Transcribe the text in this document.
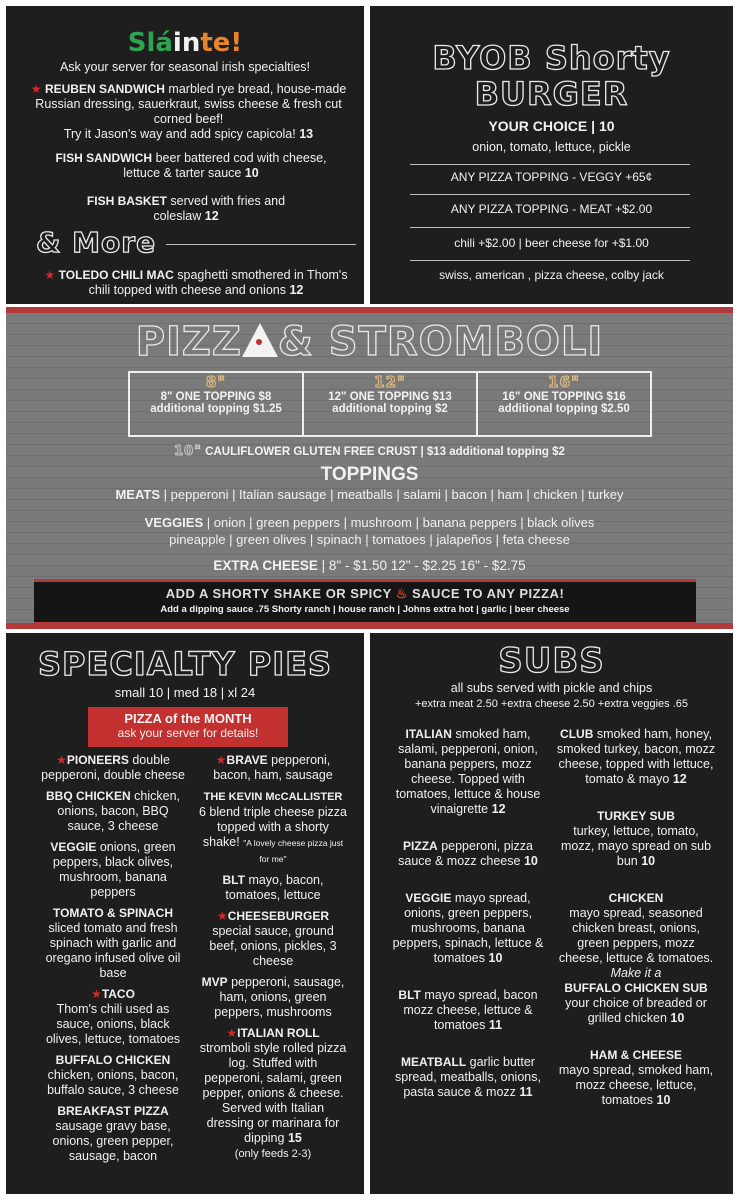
Sláinte!
Ask your server for seasonal irish specialties!
★ REUBEN SANDWICH marbled rye bread, house-made Russian dressing, sauerkraut, swiss cheese & fresh cut corned beef!
Try it Jason's way and add spicy capicola! 13
FISH SANDWICH beer battered cod with cheese, lettuce & tarter sauce 10
FISH BASKET served with fries and coleslaw 12
& More
★ TOLEDO CHILI MAC spaghetti smothered in Thom's chili topped with cheese and onions 12
BYOB Shorty
BURGER
YOUR CHOICE | 10
onion, tomato, lettuce, pickle
ANY PIZZA TOPPING - VEGGY +65¢
ANY PIZZA TOPPING - MEAT +$2.00
chili +$2.00 | beer cheese for +$1.00
swiss, american , pizza cheese, colby jack
PIZZ & STROMBOLI
8"
8" ONE TOPPING $8
additional topping $1.25
12"
12" ONE TOPPING $13
additional topping $2
16"
16" ONE TOPPING $16
additional topping $2.50
10" CAULIFLOWER GLUTEN FREE CRUST | $13 additional topping $2
TOPPINGS
MEATS | pepperoni | Italian sausage | meatballs | salami | bacon | ham | chicken | turkey
VEGGIES | onion | green peppers | mushroom | banana peppers | black olives
pineapple | green olives | spinach | tomatoes | jalapeños | feta cheese
EXTRA CHEESE | 8" - $1.50 12" - $2.25 16" - $2.75
ADD A SHORTY SHAKE OR SPICY ♨ SAUCE TO ANY PIZZA!
Add a dipping sauce .75 Shorty ranch | house ranch | Johns extra hot | garlic | beer cheese
SPECIALTY PIES
small 10 | med 18 | xl 24
PIZZA of the MONTH
ask your server for details!
★PIONEERS double pepperoni, double cheese
BBQ CHICKEN chicken, onions, bacon, BBQ sauce, 3 cheese
VEGGIE onions, green peppers, black olives, mushroom, banana peppers
TOMATO & SPINACH sliced tomato and fresh spinach with garlic and oregano infused olive oil base
★TACO
Thom's chili used as sauce, onions, black olives, lettuce, tomatoes
BUFFALO CHICKEN
chicken, onions, bacon, buffalo sauce, 3 cheese
BREAKFAST PIZZA sausage gravy base, onions, green pepper, sausage, bacon
★BRAVE pepperoni, bacon, ham, sausage
THE KEVIN McCALLISTER
6 blend triple cheese pizza topped with a shorty shake! "A lovely cheese pizza just for me"
BLT mayo, bacon, tomatoes, lettuce
★CHEESEBURGER
special sauce, ground beef, onions, pickles, 3 cheese
MVP pepperoni, sausage, ham, onions, green peppers, mushrooms
★ITALIAN ROLL
stromboli style rolled pizza log. Stuffed with pepperoni, salami, green pepper, onions & cheese. Served with Italian dressing or marinara for dipping 15
(only feeds 2-3)
SUBS
all subs served with pickle and chips
+extra meat 2.50 +extra cheese 2.50 +extra veggies .65
ITALIAN smoked ham, salami, pepperoni, onion, banana peppers, mozz cheese. Topped with tomatoes, lettuce & house vinaigrette 12
PIZZA pepperoni, pizza sauce & mozz cheese 10
VEGGIE mayo spread, onions, green peppers, mushrooms, banana peppers, spinach, lettuce & tomatoes 10
BLT mayo spread, bacon mozz cheese, lettuce & tomatoes 11
MEATBALL garlic butter spread, meatballs, onions, pasta sauce & mozz 11
CLUB smoked ham, honey, smoked turkey, bacon, mozz cheese, topped with lettuce, tomato & mayo 12
TURKEY SUB
turkey, lettuce, tomato, mozz, mayo spread on sub bun 10
CHICKEN
mayo spread, seasoned chicken breast, onions, green peppers, mozz cheese, lettuce & tomatoes. Make it a
BUFFALO CHICKEN SUB
your choice of breaded or grilled chicken 10
HAM & CHEESE
mayo spread, smoked ham, mozz cheese, lettuce, tomatoes 10
